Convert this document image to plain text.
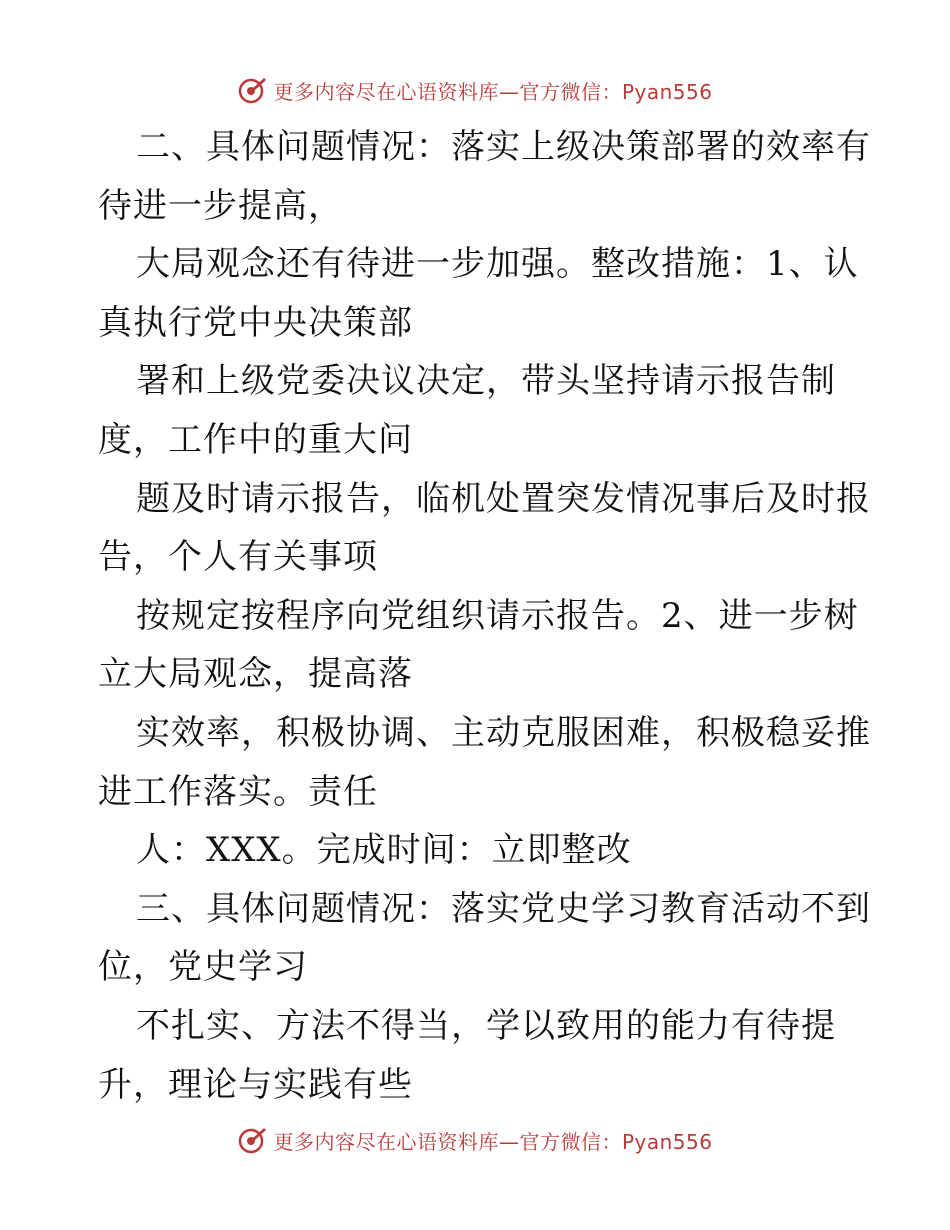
更多内容尽在心语资料库—官方微信：Pyan556
二、具体问题情况：落实上级决策部署的效率有
待进一步提高，
大局观念还有待进一步加强。整改措施：1、认
真执行党中央决策部
署和上级党委决议决定，带头坚持请示报告制
度，工作中的重大问
题及时请示报告，临机处置突发情况事后及时报
告，个人有关事项
按规定按程序向党组织请示报告。2、进一步树
立大局观念，提高落
实效率，积极协调、主动克服困难，积极稳妥推
进工作落实。责任
人：XXX。完成时间：立即整改
三、具体问题情况：落实党史学习教育活动不到
位，党史学习
不扎实、方法不得当，学以致用的能力有待提
升，理论与实践有些
更多内容尽在心语资料库—官方微信：Pyan556
